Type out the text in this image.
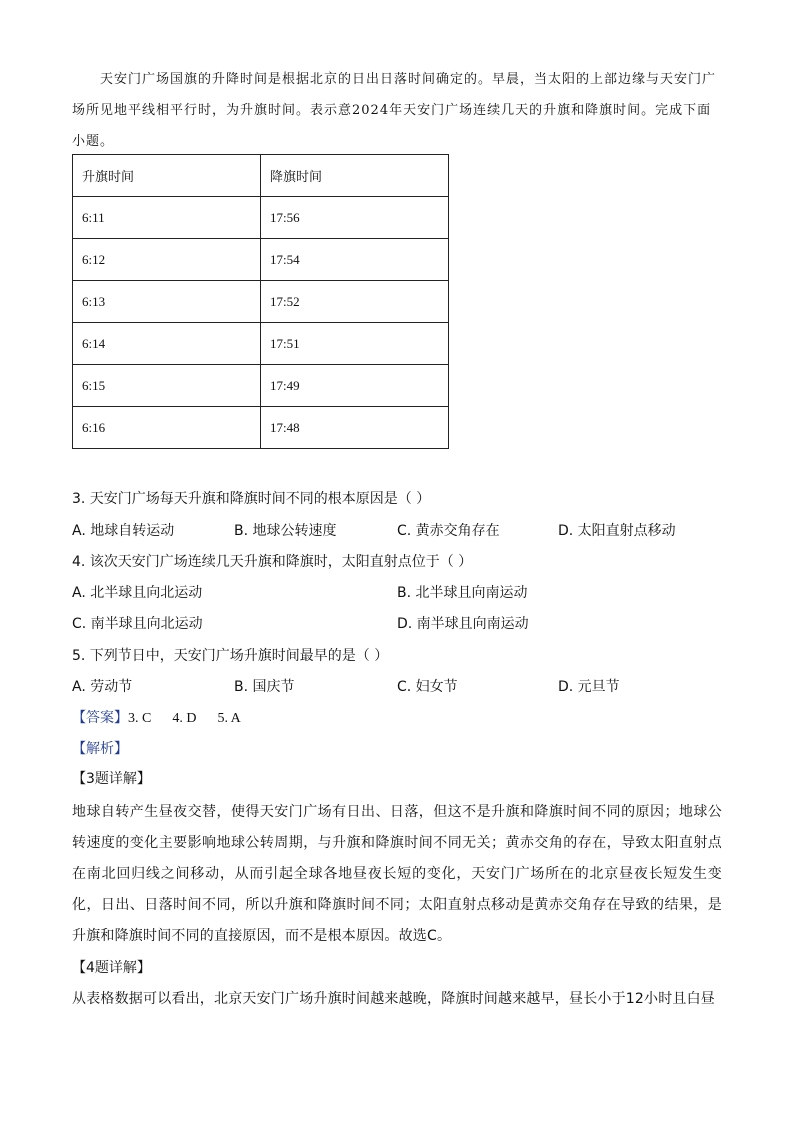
天安门广场国旗的升降时间是根据北京的日出日落时间确定的。早晨，当太阳的上部边缘与天安门广场所见地平线相平行时，为升旗时间。表示意2024年天安门广场连续几天的升旗和降旗时间。完成下面小题。

升旗时间	降旗时间
6:11	17:56
6:12	17:54
6:13	17:52
6:14	17:51
6:15	17:49
6:16	17:48

3. 天安门广场每天升旗和降旗时间不同的根本原因是（ ）

A. 地球自转运动	B. 地球公转速度	C. 黄赤交角存在	D. 太阳直射点移动

4. 该次天安门广场连续几天升旗和降旗时，太阳直射点位于（ ）

A. 北半球且向北运动	B. 北半球且向南运动
C. 南半球且向北运动	D. 南半球且向南运动

5. 下列节日中，天安门广场升旗时间最早的是（ ）

A. 劳动节	B. 国庆节	C. 妇女节	D. 元旦节

【答案】3. C      4. D      5. A

【解析】

【3题详解】

地球自转产生昼夜交替，使得天安门广场有日出、日落，但这不是升旗和降旗时间不同的原因；地球公转速度的变化主要影响地球公转周期，与升旗和降旗时间不同无关；黄赤交角的存在，导致太阳直射点在南北回归线之间移动，从而引起全球各地昼夜长短的变化，天安门广场所在的北京昼夜长短发生变化，日出、日落时间不同，所以升旗和降旗时间不同；太阳直射点移动是黄赤交角存在导致的结果，是升旗和降旗时间不同的直接原因，而不是根本原因。故选C。

【4题详解】

从表格数据可以看出，北京天安门广场升旗时间越来越晚，降旗时间越来越早，昼长小于12小时且白昼
